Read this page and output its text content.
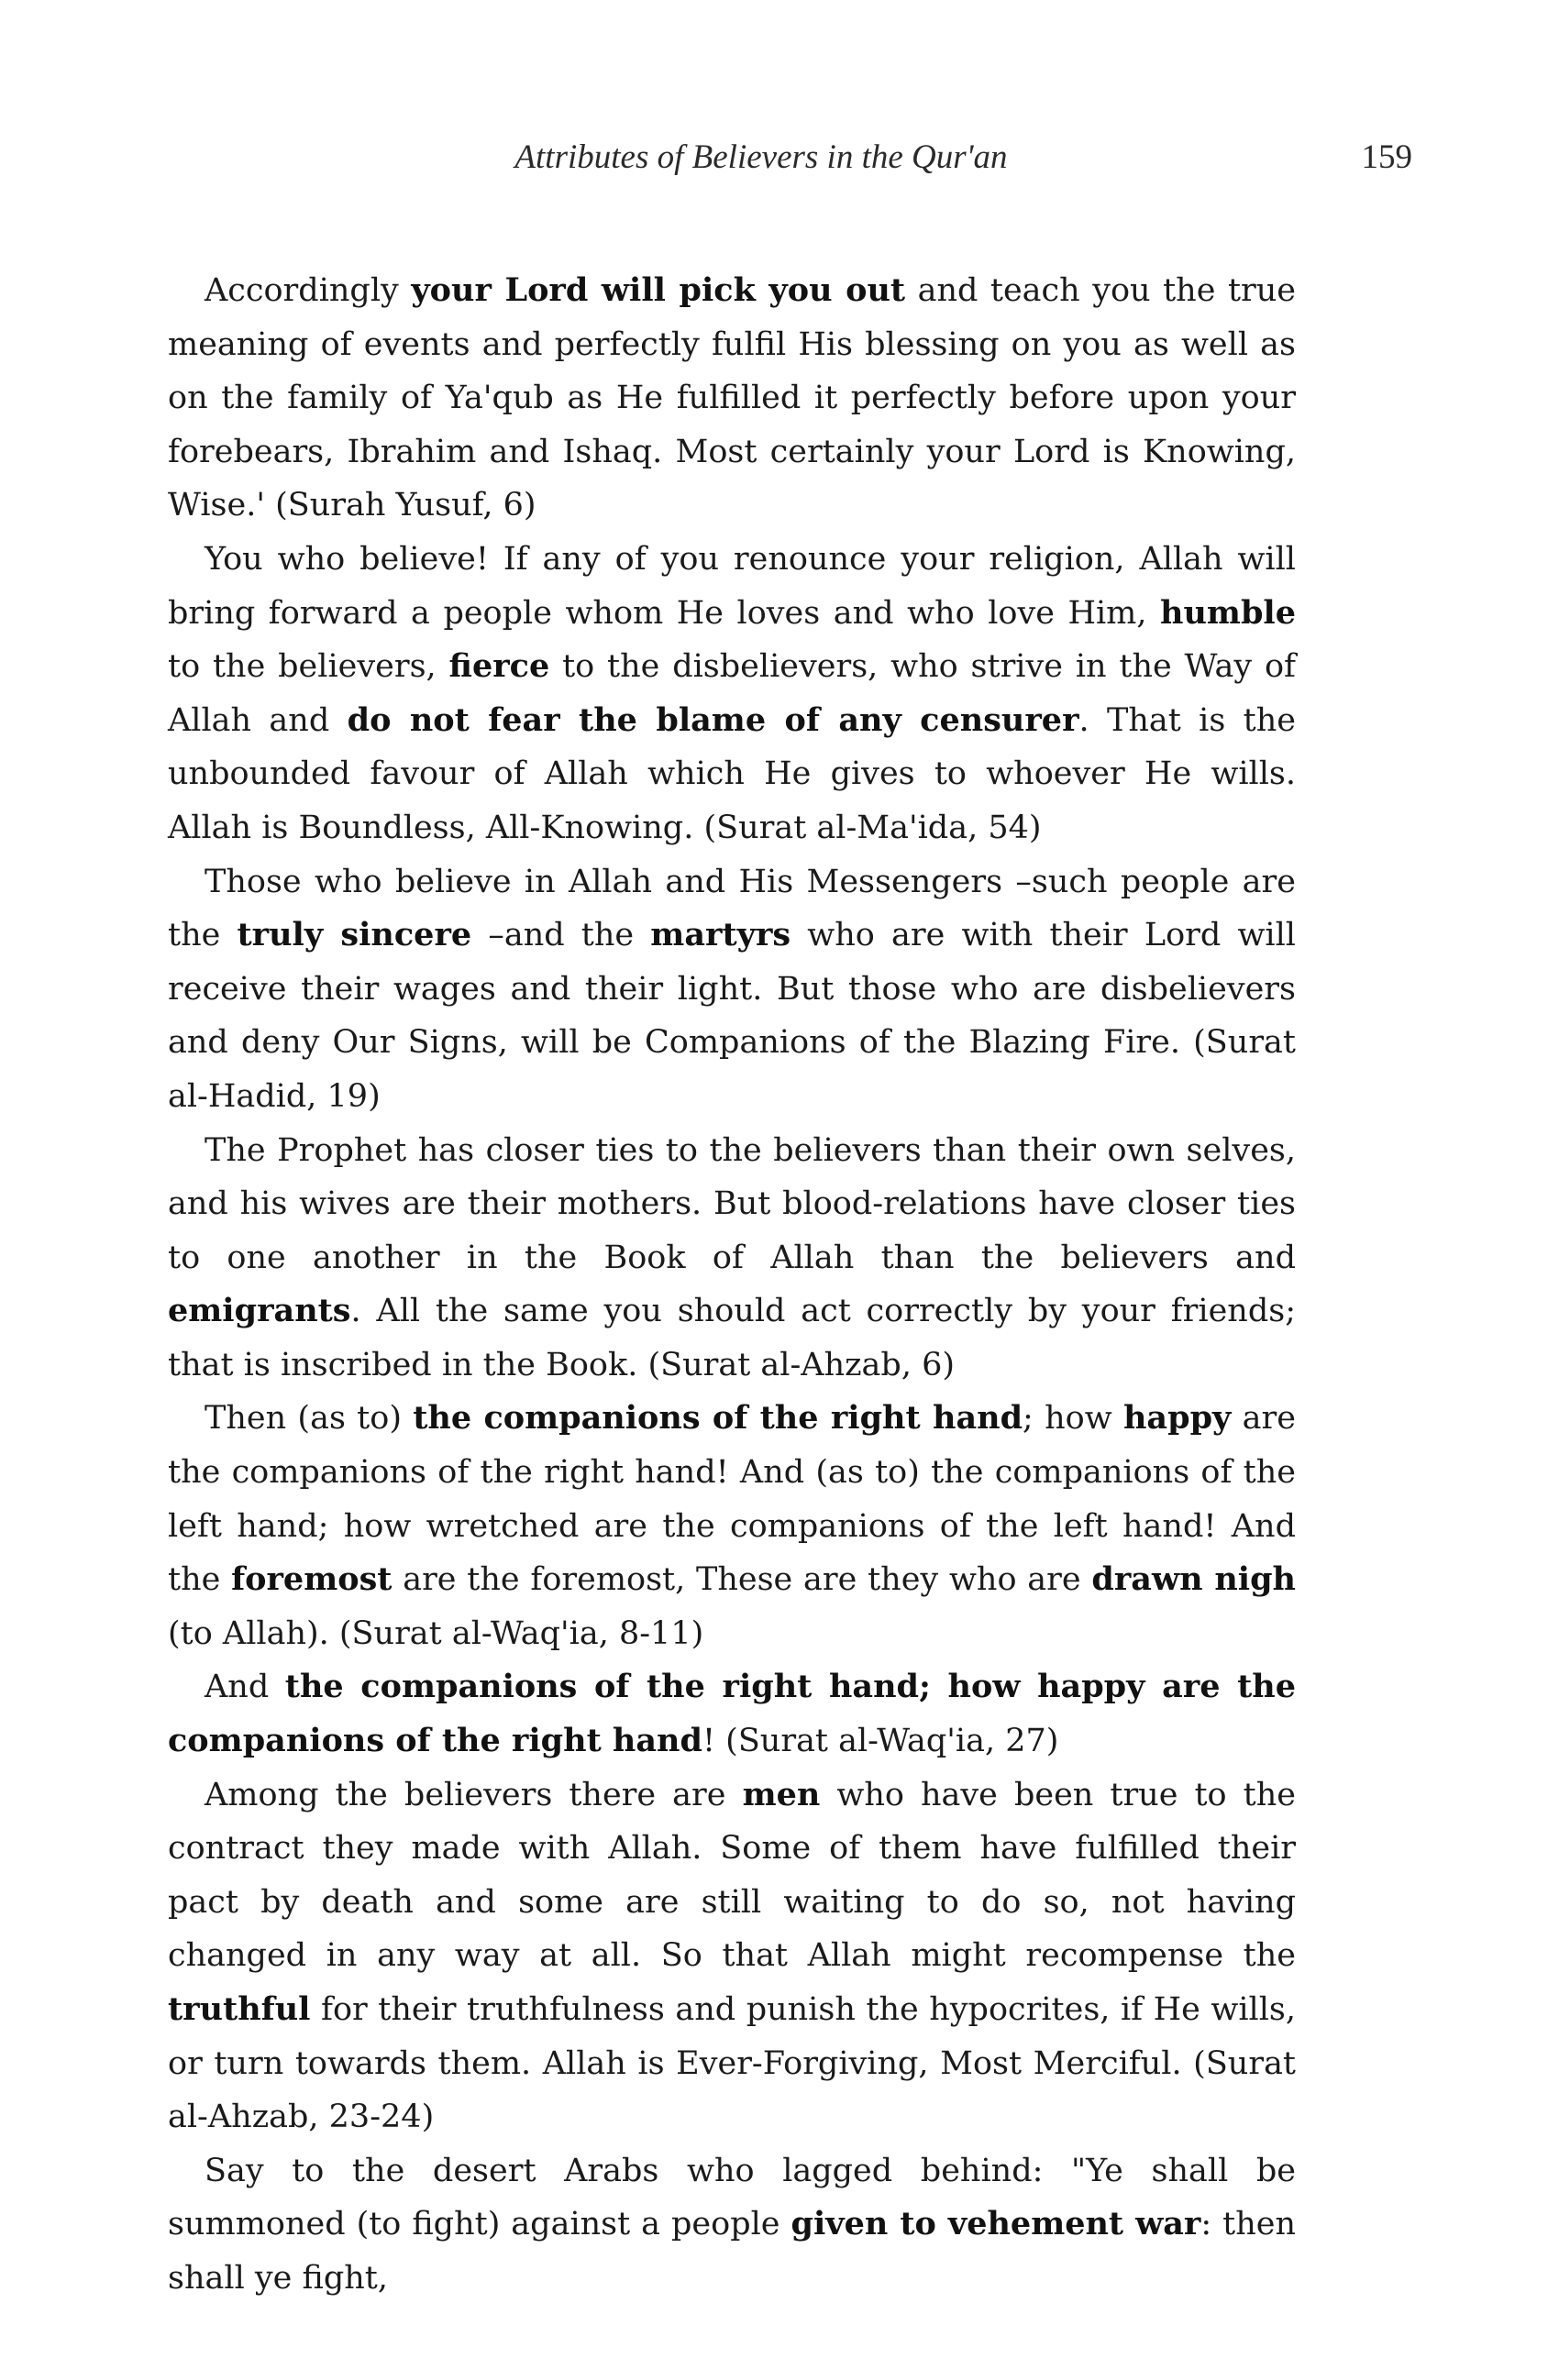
Attributes of Believers in the Qur'an	159

Accordingly your Lord will pick you out and teach you the true meaning of events and perfectly fulfil His blessing on you as well as on the family of Ya'qub as He fulfilled it perfectly before upon your forebears, Ibrahim and Ishaq. Most certainly your Lord is Knowing, Wise.' (Surah Yusuf, 6)

You who believe! If any of you renounce your religion, Allah will bring forward a people whom He loves and who love Him, humble to the believers, fierce to the disbelievers, who strive in the Way of Allah and do not fear the blame of any censurer. That is the unbounded favour of Allah which He gives to whoever He wills. Allah is Boundless, All-Knowing. (Surat al-Ma'ida, 54)

Those who believe in Allah and His Messengers –such people are the truly sincere –and the martyrs who are with their Lord will receive their wages and their light. But those who are disbelievers and deny Our Signs, will be Companions of the Blazing Fire. (Surat al-Hadid, 19)

The Prophet has closer ties to the believers than their own selves, and his wives are their mothers. But blood-relations have closer ties to one another in the Book of Allah than the believers and emigrants. All the same you should act correctly by your friends; that is inscribed in the Book. (Surat al-Ahzab, 6)

Then (as to) the companions of the right hand; how happy are the companions of the right hand! And (as to) the companions of the left hand; how wretched are the companions of the left hand! And the foremost are the foremost, These are they who are drawn nigh (to Allah). (Surat al-Waq'ia, 8-11)

And the companions of the right hand; how happy are the companions of the right hand! (Surat al-Waq'ia, 27)

Among the believers there are men who have been true to the contract they made with Allah. Some of them have fulfilled their pact by death and some are still waiting to do so, not having changed in any way at all. So that Allah might recompense the truthful for their truthfulness and punish the hypocrites, if He wills, or turn towards them. Allah is Ever-Forgiving, Most Merciful. (Surat al-Ahzab, 23-24)

Say to the desert Arabs who lagged behind: "Ye shall be summoned (to fight) against a people given to vehement war: then shall ye fight,
